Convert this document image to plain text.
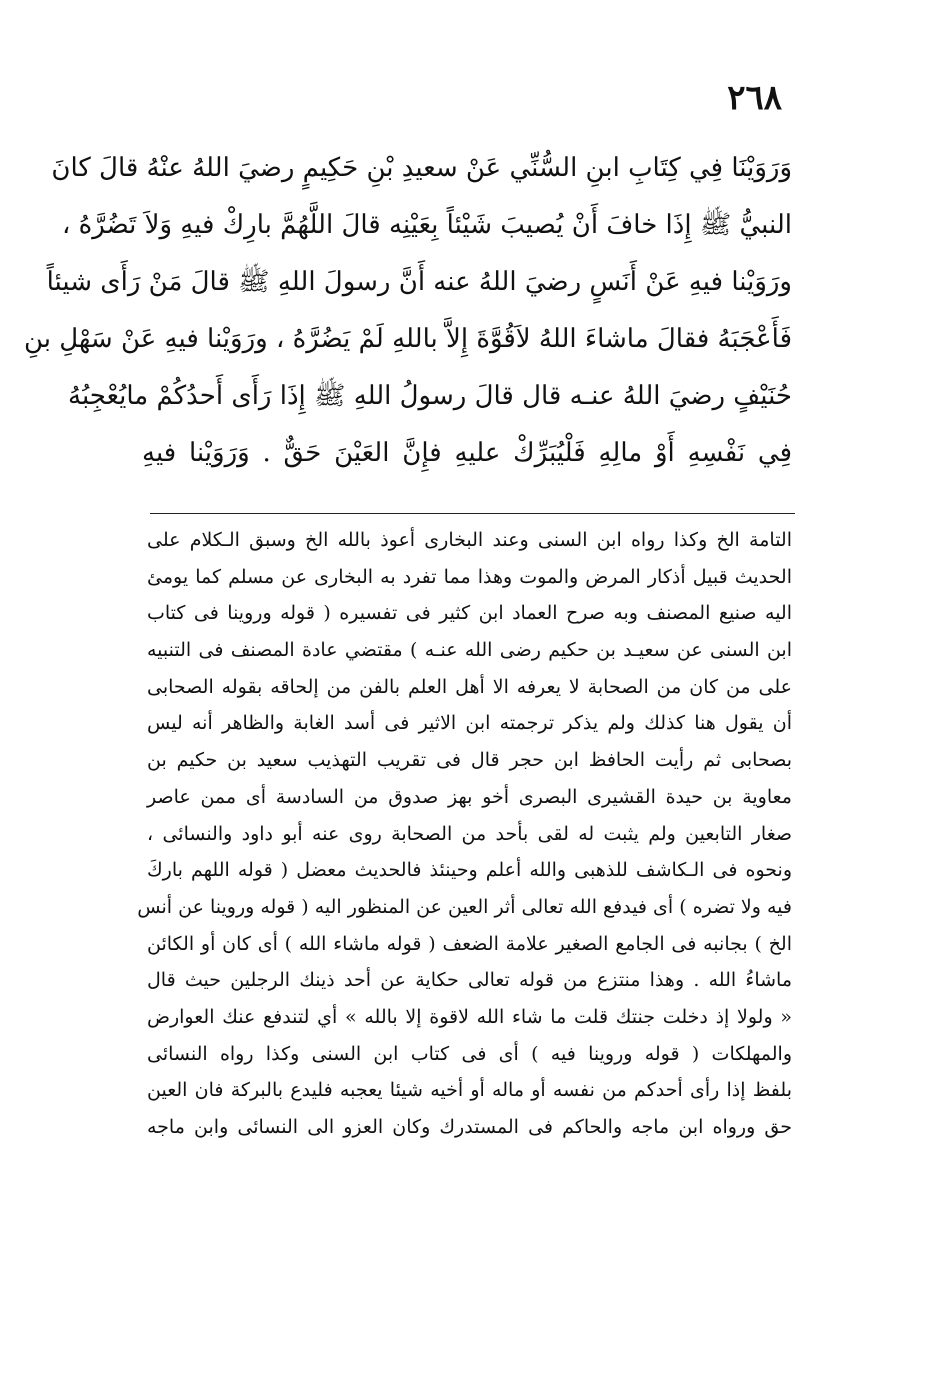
٢٦٨
وَرَوَيْنَا فِي كِتَابِ ابنِ السُّنِّي عَنْ سعيدِ بْنِ حَكِيمٍ رضيَ اللهُ عنْهُ قالَ كانَ
النبيُّ ﷺ إِذَا خافَ أَنْ يُصيبَ شَيْئاً بِعَيْنِه قالَ اللَّهُمَّ بارِكْ فيهِ وَلاَ تَضُرَّهُ ،
ورَوَيْنا فيهِ عَنْ أَنَسٍ رضيَ اللهُ عنه أَنَّ رسولَ اللهِ ﷺ قالَ مَنْ رَأَى شيئاً
فَأَعْجَبَهُ فقالَ ماشاءَ اللهُ لاَقُوَّةَ إِلاَّ باللهِ لَمْ يَضُرَّهُ ، ورَوَيْنا فيهِ عَنْ سَهْلِ بنِ
حُنَيْفٍ رضيَ اللهُ عنـه قال قالَ رسولُ اللهِ ﷺ إِذَا رَأَى أَحدُكُمْ مايُعْجِبُهُ
فِي نَفْسِهِ أَوْ مالِهِ فَلْيُبَرِّكْ عليهِ فإِنَّ العَيْنَ حَقٌّ . وَرَوَيْنا فيهِ
التامة الخ وكذا رواه ابن السنى وعند البخارى أعوذ بالله الخ وسبق الـكلام على
الحديث قبيل أذكار المرض والموت وهذا مما تفرد به البخارى عن مسلم كما يومئ
اليه صنيع المصنف وبه صرح العماد ابن كثير فى تفسيره ( قوله وروينا فى كتاب
ابن السنى عن سعيـد بن حكيم رضى الله عنـه ) مقتضي عادة المصنف فى التنبيه
على من كان من الصحابة لا يعرفه الا أهل العلم بالفن من إلحاقه بقوله الصحابى
أن يقول هنا كذلك ولم يذكر ترجمته ابن الاثير فى أسد الغابة والظاهر أنه ليس
بصحابى ثم رأيت الحافظ ابن حجر قال فى تقريب التهذيب سعيد بن حكيم بن
معاوية بن حيدة القشيرى البصرى أخو بهز صدوق من السادسة أى ممن عاصر
صغار التابعين ولم يثبت له لقى بأحد من الصحابة روى عنه أبو داود والنسائى ،
ونحوه فى الـكاشف للذهبى والله أعلم وحينئذ فالحديث معضل ( قوله اللهم باركَ
فيه ولا تضره ) أى فيدفع الله تعالى أثر العين عن المنظور اليه ( قوله وروينا عن أنس
الخ ) بجانبه فى الجامع الصغير علامة الضعف ( قوله ماشاء الله ) أى كان أو الكائن
ماشاءُ الله . وهذا منتزع من قوله تعالى حكاية عن أحد ذينك الرجلين حيث قال
« ولولا إذ دخلت جنتك قلت ما شاء الله لاقوة إلا بالله » أي لتندفع عنك العوارض
والمهلكات ( قوله وروينا فيه ) أى فى كتاب ابن السنى وكذا رواه النسائى
بلفظ إذا رأى أحدكم من نفسه أو ماله أو أخيه شيئا يعجبه فليدع بالبركة فان العين
حق ورواه ابن ماجه والحاكم فى المستدرك وكان العزو الى النسائى وابن ماجه
